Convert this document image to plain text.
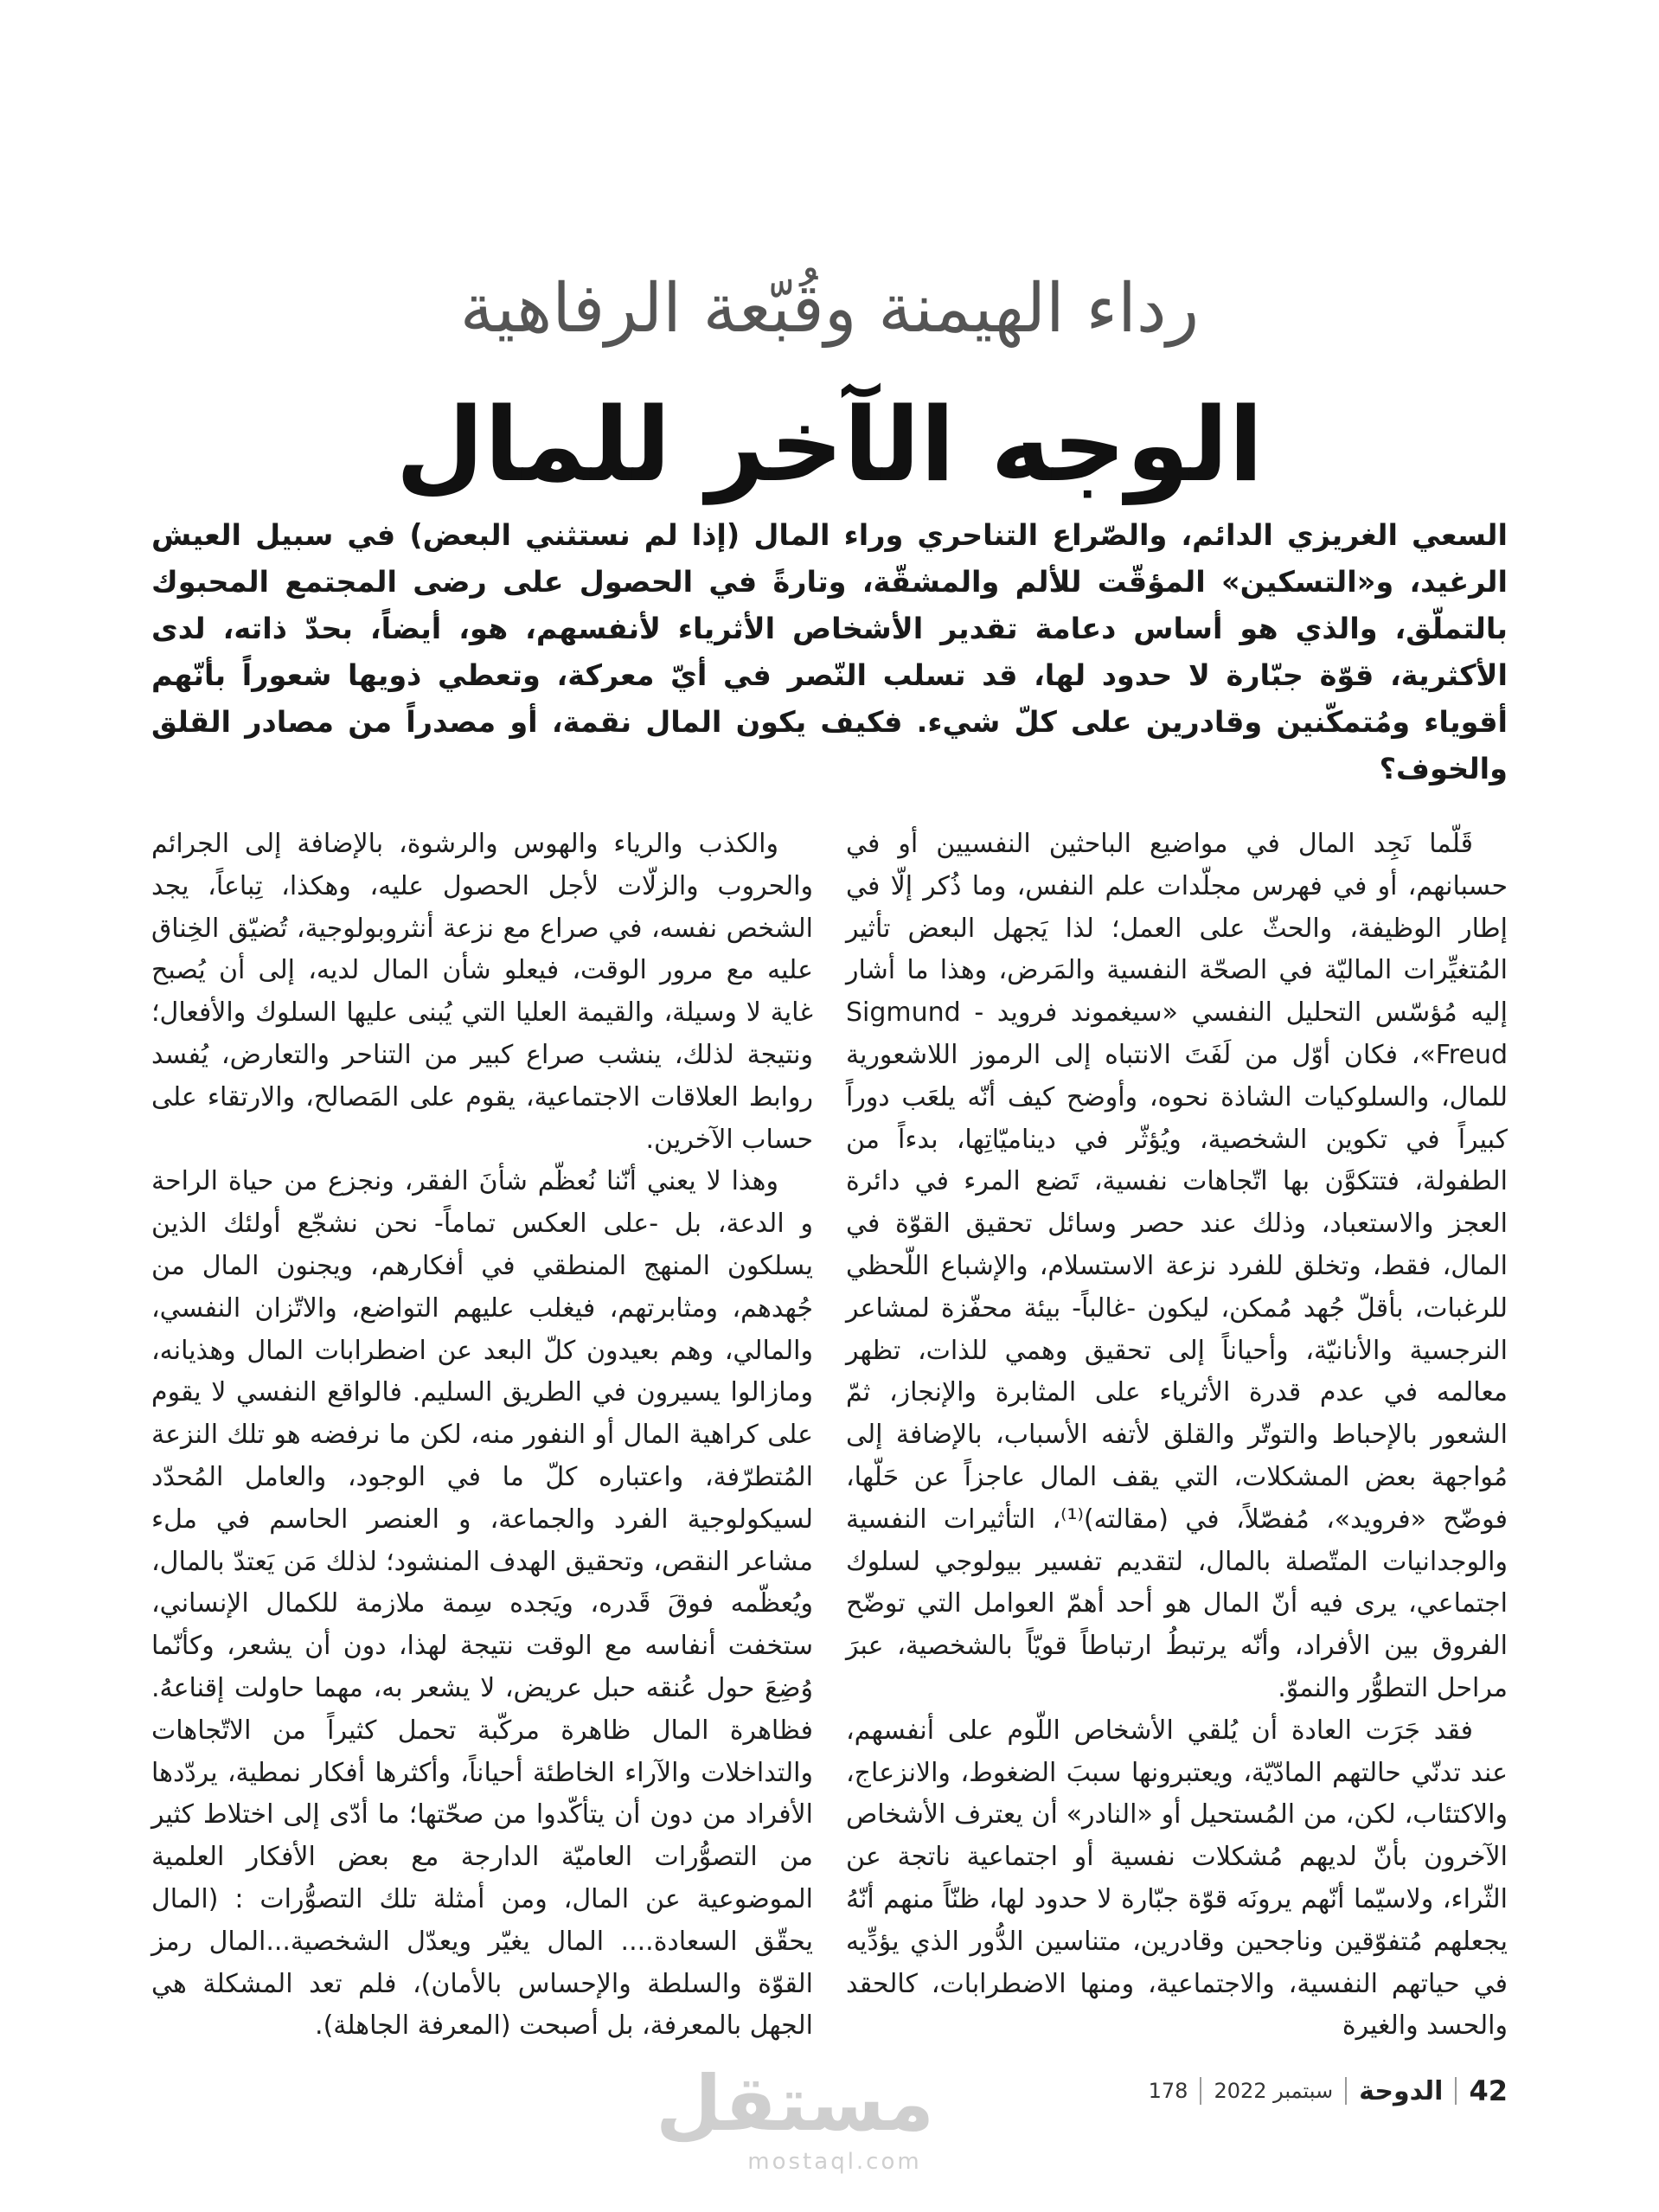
رداء الهيمنة وقُبّعة الرفاهية
الوجه الآخر للمال
السعي الغريزي الدائم، والصّراع التناحري وراء المال (إذا لم نستثني البعض) في سبيل العيش الرغيد، و«التسكين» المؤقّت للألم والمشقّة، وتارةً في الحصول على رضى المجتمع المحبوك بالتملّق، والذي هو أساس دعامة تقدير الأشخاص الأثرياء لأنفسهم، هو، أيضاً، بحدّ ذاته، لدى الأكثرية، قوّة جبّارة لا حدود لها، قد تسلب النّصر في أيّ معركة، وتعطي ذويها شعوراً بأنّهم أقوياء ومُتمكّنين وقادرين على كلّ شيء. فكيف يكون المال نقمة، أو مصدراً من مصادر القلق والخوف؟

قَلّما نَجِد المال في مواضيع الباحثين النفسيين أو في حسبانهم، أو في فهرس مجلّدات علم النفس، وما ذُكر إلّا في إطار الوظيفة، والحثّ على العمل؛ لذا يَجهل البعض تأثير المُتغيِّرات الماليّة في الصحّة النفسية والمَرض، وهذا ما أشار إليه مُؤسّس التحليل النفسي «سيغموند فرويد - Sigmund Freud»، فكان أوّل من لَفَتَ الانتباه إلى الرموز اللاشعورية للمال، والسلوكيات الشاذة نحوه، وأوضح كيف أنّه يلعَب دوراً كبيراً في تكوين الشخصية، ويُؤثّر في ديناميّاتِها، بدءاً من الطفولة، فتتكوَّن بها اتّجاهات نفسية، تَضع المرء في دائرة العجز والاستعباد، وذلك عند حصر وسائل تحقيق القوّة في المال، فقط، وتخلق للفرد نزعة الاستسلام، والإشباع اللّحظي للرغبات، بأقلّ جُهد مُمكن، ليكون -غالباً- بيئة محفّزة لمشاعر النرجسية والأنانيّة، وأحياناً إلى تحقيق وهمي للذات، تظهر معالمه في عدم قدرة الأثرياء على المثابرة والإنجاز، ثمّ الشعور بالإحباط والتوتّر والقلق لأتفه الأسباب، بالإضافة إلى مُواجهة بعض المشكلات، التي يقف المال عاجزاً عن حَلّها، فوضّح «فرويد»، مُفصّلاً، في (مقالته)⁽¹⁾، التأثيرات النفسية والوجدانيات المتّصلة بالمال، لتقديم تفسير بيولوجي لسلوك اجتماعي، يرى فيه أنّ المال هو أحد أهمّ العوامل التي توضّح الفروق بين الأفراد، وأنّه يرتبطُ ارتباطاً قويّاً بالشخصية، عبرَ مراحل التطوُّر والنموّ.

فقد جَرَت العادة أن يُلقي الأشخاص اللّوم على أنفسهم، عند تدنّي حالتهم المادّيّة، ويعتبرونها سببَ الضغوط، والانزعاج، والاكتئاب، لكن، من المُستحيل أو «النادر» أن يعترف الأشخاص الآخرون بأنّ لديهم مُشكلات نفسية أو اجتماعية ناتجة عن الثّراء، ولاسيّما أنّهم يرونَه قوّة جبّارة لا حدود لها، ظنّاً منهم أنّهُ يجعلهم مُتفوّقين وناجحين وقادرين، متناسين الدُّور الذي يؤدِّيه في حياتهم النفسية، والاجتماعية، ومنها الاضطرابات، كالحقد والحسد والغيرة

والكذب والرياء والهوس والرشوة، بالإضافة إلى الجرائم والحروب والزلّات لأجل الحصول عليه، وهكذا، تِباعاً، يجد الشخص نفسه، في صراع مع نزعة أنثروبولوجية، تُضيّق الخِناق عليه مع مرور الوقت، فيعلو شأن المال لديه، إلى أن يُصبح غاية لا وسيلة، والقيمة العليا التي يُبنى عليها السلوك والأفعال؛ ونتيجة لذلك، ينشب صراع كبير من التناحر والتعارض، يُفسد روابط العلاقات الاجتماعية، يقوم على المَصالح، والارتقاء على حساب الآخرين.

وهذا لا يعني أنّنا نُعظّم شأنَ الفقر، ونجزع من حياة الراحة و الدعة، بل -على العكس تماماً- نحن نشجّع أولئك الذين يسلكون المنهج المنطقي في أفكارهم، ويجنون المال من جُهدهم، ومثابرتهم، فيغلب عليهم التواضع، والاتّزان النفسي، والمالي، وهم بعيدون كلّ البعد عن اضطرابات المال وهذيانه، ومازالوا يسيرون في الطريق السليم. فالواقع النفسي لا يقوم على كراهية المال أو النفور منه، لكن ما نرفضه هو تلك النزعة المُتطرّفة، واعتباره كلّ ما في الوجود، والعامل المُحدّد لسيكولوجية الفرد والجماعة، و العنصر الحاسم في ملء مشاعر النقص، وتحقيق الهدف المنشود؛ لذلك مَن يَعتدّ بالمال، ويُعظّمه فوقَ قَدره، ويَجده سِمة ملازمة للكمال الإنساني، ستخفت أنفاسه مع الوقت نتيجة لهذا، دون أن يشعر، وكأنّما وُضِعَ حول عُنقه حبل عريض، لا يشعر به، مهما حاولت إقناعهُ. فظاهرة المال ظاهرة مركّبة تحمل كثيراً من الاتّجاهات والتداخلات والآراء الخاطئة أحياناً، وأكثرها أفكار نمطية، يردّدها الأفراد من دون أن يتأكّدوا من صحّتها؛ ما أدّى إلى اختلاط كثير من التصوُّرات العاميّة الدارجة مع بعض الأفكار العلمية الموضوعية عن المال، ومن أمثلة تلك التصوُّرات : (المال يحقّق السعادة.... المال يغيّر ويعدّل الشخصية...المال رمز القوّة والسلطة والإحساس بالأمان)، فلم تعد المشكلة هي الجهل بالمعرفة، بل أصبحت (المعرفة الجاهلة).

مستقل
mostaql.com
42
الدوحة
سبتمبر 2022
178
